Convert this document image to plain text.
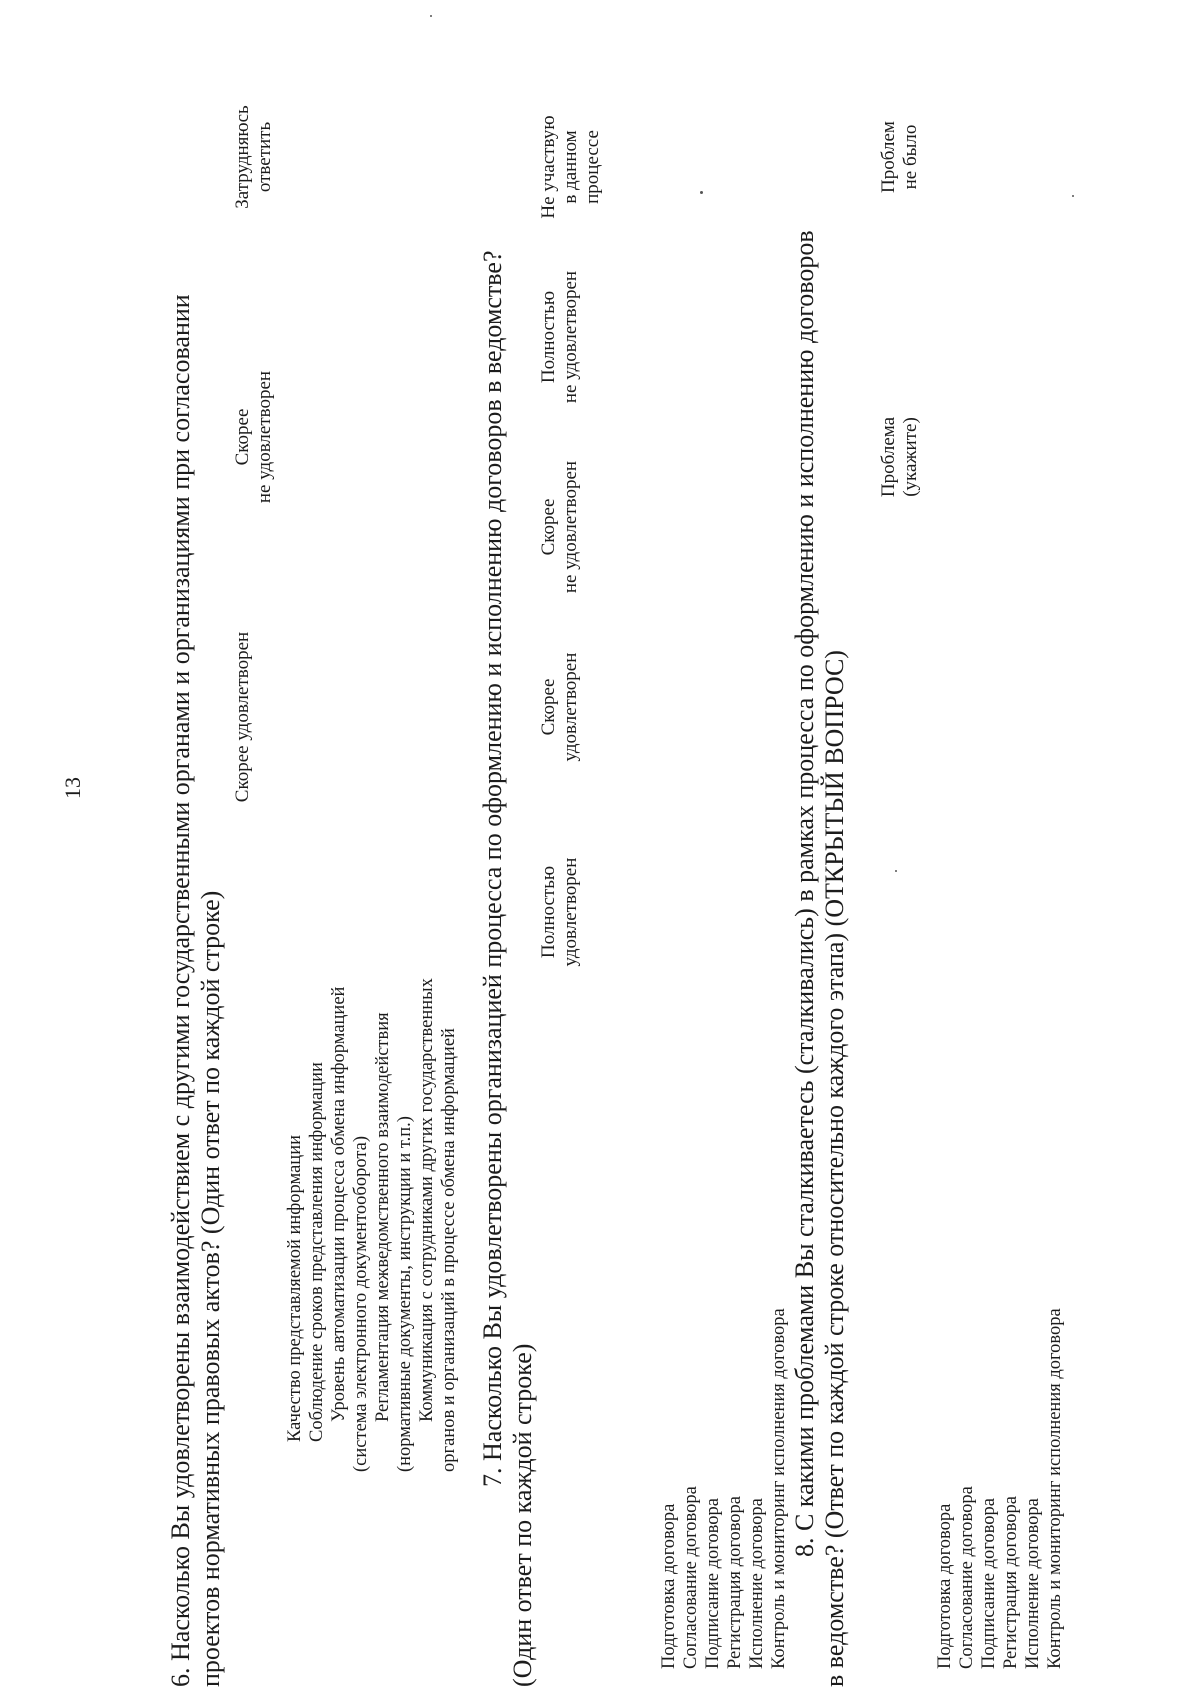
13	6. Насколько Вы удовлетворены взаимодействием с другими государственными органами и организациями при согласовании проектов нормативных правовых актов? (Один ответ по каждой строке)
Скорее удовлетворен
Скорее не удовлетворен
Затрудняюсь ответить
Качество представляемой информации Соблюдение сроков представления информации Уровень автоматизации процесса обмена информацией (система электронного документооборота) Регламентация межведомственного взаимодействия (нормативные документы, инструкции и т.п.) Коммуникация с сотрудниками других государственных органов и организаций в процессе обмена информацией 7. Насколько Вы удовлетворены организацией процесса по оформлению и исполнению договоров в ведомстве?
(Один ответ по каждой строке)
Полностью удовлетворен
Скорее удовлетворен
Скорее не удовлетворен
Полностью не удовлетворен
Не участвую в данном процессе
Подготовка договора Согласование договора Подписание договора Регистрация договора Исполнение договора Контроль и мониторинг исполнения договора 8. С какими проблемами Вы сталкиваетесь (сталкивались) в рамках процесса по оформлению и исполнению договоров в ведомстве? (Ответ по каждой строке относительно каждого этапа) (ОТКРЫТЫЙ ВОПРОС)
Проблема (укажите)
Проблем не было
Подготовка договора Согласование договора Подписание договора Регистрация договора Исполнение договора Контроль и мониторинг исполнения договора
